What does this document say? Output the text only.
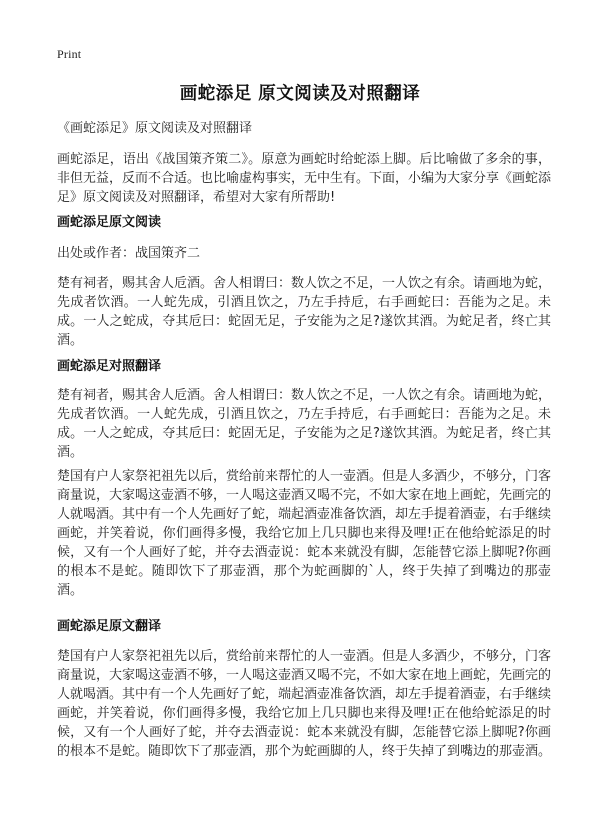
Print
画蛇添足 原文阅读及对照翻译
《画蛇添足》原文阅读及对照翻译
画蛇添足，语出《战国策齐策二》。原意为画蛇时给蛇添上脚。后比喻做了多余的事，非但无益，反而不合适。也比喻虚构事实，无中生有。下面，小编为大家分享《画蛇添足》原文阅读及对照翻译，希望对大家有所帮助!
画蛇添足原文阅读
出处或作者：战国策齐二
楚有祠者，赐其舍人卮酒。舍人相谓曰：数人饮之不足，一人饮之有余。请画地为蛇，先成者饮酒。一人蛇先成，引酒且饮之，乃左手持卮，右手画蛇曰：吾能为之足。未成。一人之蛇成，夺其卮曰：蛇固无足，子安能为之足?遂饮其酒。为蛇足者，终亡其酒。
画蛇添足对照翻译
楚有祠者，赐其舍人卮酒。舍人相谓曰：数人饮之不足，一人饮之有余。请画地为蛇，先成者饮酒。一人蛇先成，引酒且饮之，乃左手持卮，右手画蛇曰：吾能为之足。未成。一人之蛇成，夺其卮曰：蛇固无足，子安能为之足?遂饮其酒。为蛇足者，终亡其酒。
楚国有户人家祭祀祖先以后，赏给前来帮忙的人一壶酒。但是人多酒少，不够分，门客商量说，大家喝这壶酒不够，一人喝这壶酒又喝不完，不如大家在地上画蛇，先画完的人就喝酒。其中有一个人先画好了蛇，端起酒壶准备饮酒，却左手提着酒壶，右手继续画蛇，并笑着说，你们画得多慢，我给它加上几只脚也来得及哩!正在他给蛇添足的时候，又有一个人画好了蛇，并夺去酒壶说：蛇本来就没有脚，怎能替它添上脚呢?你画的根本不是蛇。随即饮下了那壶酒，那个为蛇画脚的`人，终于失掉了到嘴边的那壶酒。
画蛇添足原文翻译
楚国有户人家祭祀祖先以后，赏给前来帮忙的人一壶酒。但是人多酒少，不够分，门客商量说，大家喝这壶酒不够，一人喝这壶酒又喝不完，不如大家在地上画蛇，先画完的人就喝酒。其中有一个人先画好了蛇，端起酒壶准备饮酒，却左手提着酒壶，右手继续画蛇，并笑着说，你们画得多慢，我给它加上几只脚也来得及哩!正在他给蛇添足的时候，又有一个人画好了蛇，并夺去酒壶说：蛇本来就没有脚，怎能替它添上脚呢?你画的根本不是蛇。随即饮下了那壶酒，那个为蛇画脚的人，终于失掉了到嘴边的那壶酒。
